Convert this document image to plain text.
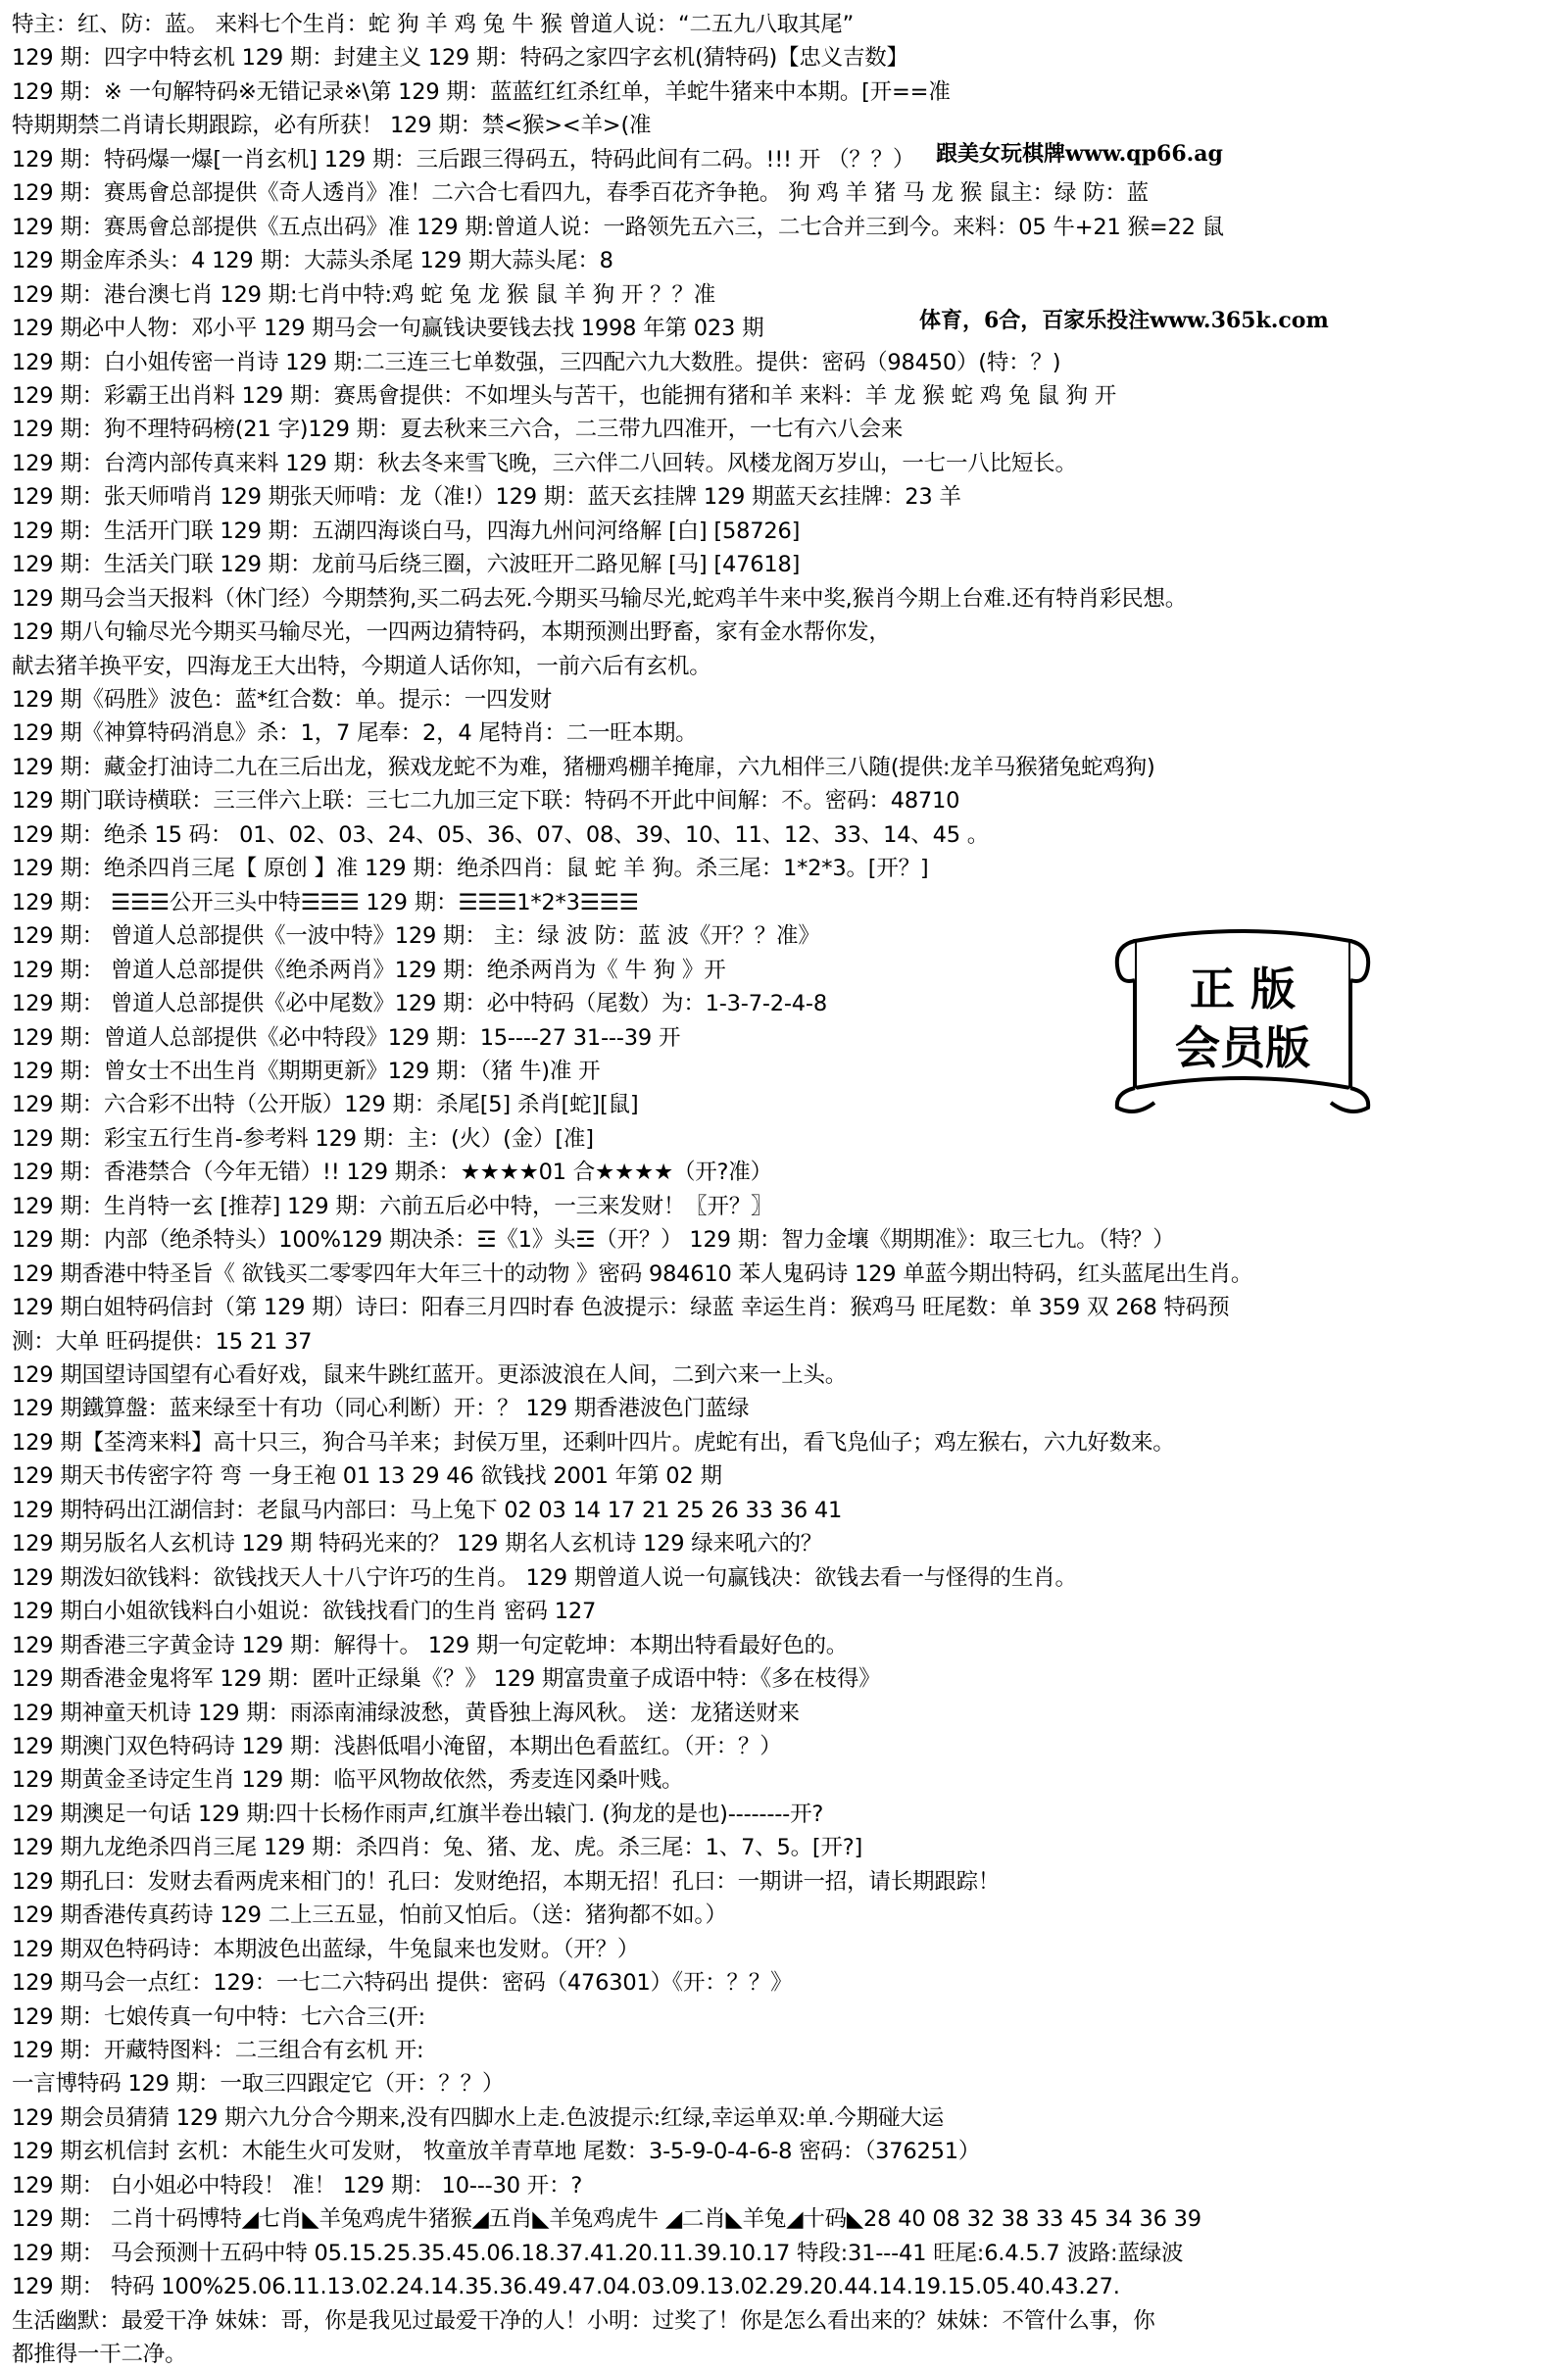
特主：红、防：蓝。 来料七个生肖：蛇 狗 羊 鸡 兔 牛 猴 曾道人说：“二五九八取其尾”
129 期：四字中特玄机 129 期：封建主义 129 期：特码之家四字玄机(猜特码)【忠义吉数】
129 期：※ 一句解特码※无错记录※\第 129 期：蓝蓝红红杀红单，羊蛇牛猪来中本期。[开==准
特期期禁二肖请长期跟踪，必有所获！ 129 期：禁<猴><羊>(准
129 期：特码爆一爆[一肖玄机] 129 期：三后跟三得码五，特码此间有二码。!!! 开 （？？）
129 期：赛馬會总部提供《奇人透肖》准！二六合七看四九，春季百花齐争艳。 狗 鸡 羊 猪 马 龙 猴 鼠主：绿 防：蓝
129 期：赛馬會总部提供《五点出码》准 129 期:曾道人说：一路领先五六三，二七合并三到今。来料：05 牛+21 猴=22 鼠
129 期金库杀头：4 129 期：大蒜头杀尾 129 期大蒜头尾：8
129 期：港台澳七肖 129 期:七肖中特:鸡 蛇 兔 龙 猴 鼠 羊 狗 开 ？？准
129 期必中人物：邓小平 129 期马会一句赢钱诀要钱去找 1998 年第 023 期
129 期：白小姐传密一肖诗 129 期:二三连三七单数强，三四配六九大数胜。提供：密码（98450）(特：？)
129 期：彩霸王出肖料 129 期：赛馬會提供：不如埋头与苦干，也能拥有猪和羊 来料：羊 龙 猴 蛇 鸡 兔 鼠 狗 开
129 期：狗不理特码榜(21 字)129 期：夏去秋来三六合，二三带九四准开，一七有六八会来
129 期：台湾内部传真来料 129 期：秋去冬来雪飞晚，三六伴二八回转。风楼龙阁万岁山，一七一八比短长。
129 期：张天师啃肖 129 期张天师啃：龙（准!）129 期：蓝天玄挂牌 129 期蓝天玄挂牌：23 羊
129 期：生活开门联 129 期：五湖四海谈白马，四海九州问河络解 [白] [58726]
129 期：生活关门联 129 期：龙前马后绕三圈，六波旺开二路见解 [马] [47618]
129 期马会当天报料（休门经）今期禁狗,买二码去死.今期买马输尽光,蛇鸡羊牛来中奖,猴肖今期上台难.还有特肖彩民想。
129 期八句输尽光今期买马输尽光，一四两边猜特码，本期预测出野畜，家有金水帮你发，
献去猪羊换平安，四海龙王大出特，今期道人话你知，一前六后有玄机。
129 期《码胜》波色：蓝*红合数：单。提示：一四发财
129 期《神算特码消息》杀：1，7 尾奉：2，4 尾特肖：二一旺本期。
129 期：藏金打油诗二九在三后出龙，猴戏龙蛇不为难，猪栅鸡棚羊掩扉，六九相伴三八随(提供:龙羊马猴猪兔蛇鸡狗)
129 期门联诗横联：三三伴六上联：三七二九加三定下联：特码不开此中间解：不。密码：48710
129 期：绝杀 15 码： 01、02、03、24、05、36、07、08、39、10、11、12、33、14、45 。
129 期：绝杀四肖三尾【 原创 】准 129 期：绝杀四肖：鼠 蛇 羊 狗。杀三尾：1*2*3。[开？]
129 期： ☰☰☰公开三头中特☰☰☰ 129 期：☰☰☰1*2*3☰☰☰
129 期： 曾道人总部提供《一波中特》129 期： 主：绿 波 防：蓝 波《开？？准》
129 期： 曾道人总部提供《绝杀两肖》129 期：绝杀两肖为《 牛 狗 》开
129 期： 曾道人总部提供《必中尾数》129 期：必中特码（尾数）为：1-3-7-2-4-8
129 期：曾道人总部提供《必中特段》129 期：15----27 31---39 开
129 期：曾女士不出生肖《期期更新》129 期：（猪 牛)准 开
129 期：六合彩不出特（公开版）129 期：杀尾[5] 杀肖[蛇][鼠]
129 期：彩宝五行生肖-参考料 129 期：主：(火）(金）[准]
129 期：香港禁合（今年无错）!! 129 期杀：★★★★01 合★★★★（开?准）
129 期：生肖特一玄 [推荐] 129 期：六前五后必中特，一三来发财！〖开？〗
129 期：内部（绝杀特头）100%129 期决杀：☲《1》头☲（开？） 129 期：智力金壤《期期准》：取三七九。（特？）
129 期香港中特圣旨《 欲钱买二零零四年大年三十的动物 》密码 984610 苯人鬼码诗 129 单蓝今期出特码，红头蓝尾出生肖。
129 期白姐特码信封（第 129 期）诗曰：阳春三月四时春 色波提示：绿蓝 幸运生肖：猴鸡马 旺尾数：单 359 双 268 特码预
测：大单 旺码提供：15 21 37
129 期国望诗国望有心看好戏，鼠来牛跳红蓝开。更添波浪在人间，二到六来一上头。
129 期鐵算盤：蓝来绿至十有功（同心利断）开：？ 129 期香港波色门蓝绿
129 期【荃湾来料】高十只三，狗合马羊来；封侯万里，还剩叶四片。虎蛇有出，看飞凫仙子；鸡左猴右，六九好数来。
129 期天书传密字符 弯 一身王袍 01 13 29 46 欲钱找 2001 年第 02 期
129 期特码出江湖信封：老鼠马内部曰：马上兔下 02 03 14 17 21 25 26 33 36 41
129 期另版名人玄机诗 129 期 特码光来的？ 129 期名人玄机诗 129 绿来吼六的？
129 期泼妇欲钱料：欲钱找天人十八宁许巧的生肖。 129 期曾道人说一句赢钱决：欲钱去看一与怪得的生肖。
129 期白小姐欲钱料白小姐说：欲钱找看门的生肖 密码 127
129 期香港三字黄金诗 129 期：解得十。 129 期一句定乾坤：本期出特看最好色的。
129 期香港金鬼将军 129 期：匿叶正绿巢《？》 129 期富贵童子成语中特：《多在枝得》
129 期神童天机诗 129 期：雨添南浦绿波愁，黄昏独上海风秋。 送：龙猪送财来
129 期澳门双色特码诗 129 期：浅斟低唱小淹留，本期出色看蓝红。（开：？）
129 期黄金圣诗定生肖 129 期：临平风物故依然，秀麦连冈桑叶贱。
129 期澳足一句话 129 期:四十长杨作雨声,红旗半卷出辕门. (狗龙的是也)--------开?
129 期九龙绝杀四肖三尾 129 期：杀四肖：兔、猪、龙、虎。杀三尾：1、7、5。[开?]
129 期孔曰：发财去看两虎来相门的！孔曰：发财绝招，本期无招！孔曰：一期讲一招，请长期跟踪！
129 期香港传真药诗 129 二上三五显，怕前又怕后。（送：猪狗都不如。）
129 期双色特码诗：本期波色出蓝绿，牛兔鼠来也发财。（开？）
129 期马会一点红：129：一七二六特码出 提供：密码（476301）《开：？？》
129 期：七娘传真一句中特：七六合三(开:
129 期：开藏特图料：二三组合有玄机 开:
一言博特码 129 期：一取三四跟定它（开：？？）
129 期会员猜猜 129 期六九分合今期来,没有四脚水上走.色波提示:红绿,幸运单双:单.今期碰大运
129 期玄机信封 玄机：木能生火可发财， 牧童放羊青草地 尾数：3-5-9-0-4-6-8 密码：（376251）
129 期： 白小姐必中特段！ 准！ 129 期： 10---30 开：?
129 期： 二肖十码博特◢七肖◣羊兔鸡虎牛猪猴◢五肖◣羊兔鸡虎牛 ◢二肖◣羊兔◢十码◣28 40 08 32 38 33 45 34 36 39
129 期： 马会预测十五码中特 05.15.25.35.45.06.18.37.41.20.11.39.10.17 特段:31---41 旺尾:6.4.5.7 波路:蓝绿波
129 期： 特码 100%25.06.11.13.02.24.14.35.36.49.47.04.03.09.13.02.29.20.44.14.19.15.05.40.43.27.
生活幽默：最爱干净 妹妹：哥，你是我见过最爱干净的人！小明：过奖了！你是怎么看出来的？妹妹：不管什么事，你
都推得一干二净。
跟美女玩棋牌www.qp66.ag
体育，6合，百家乐投注www.365k.com
正 版
会员版
